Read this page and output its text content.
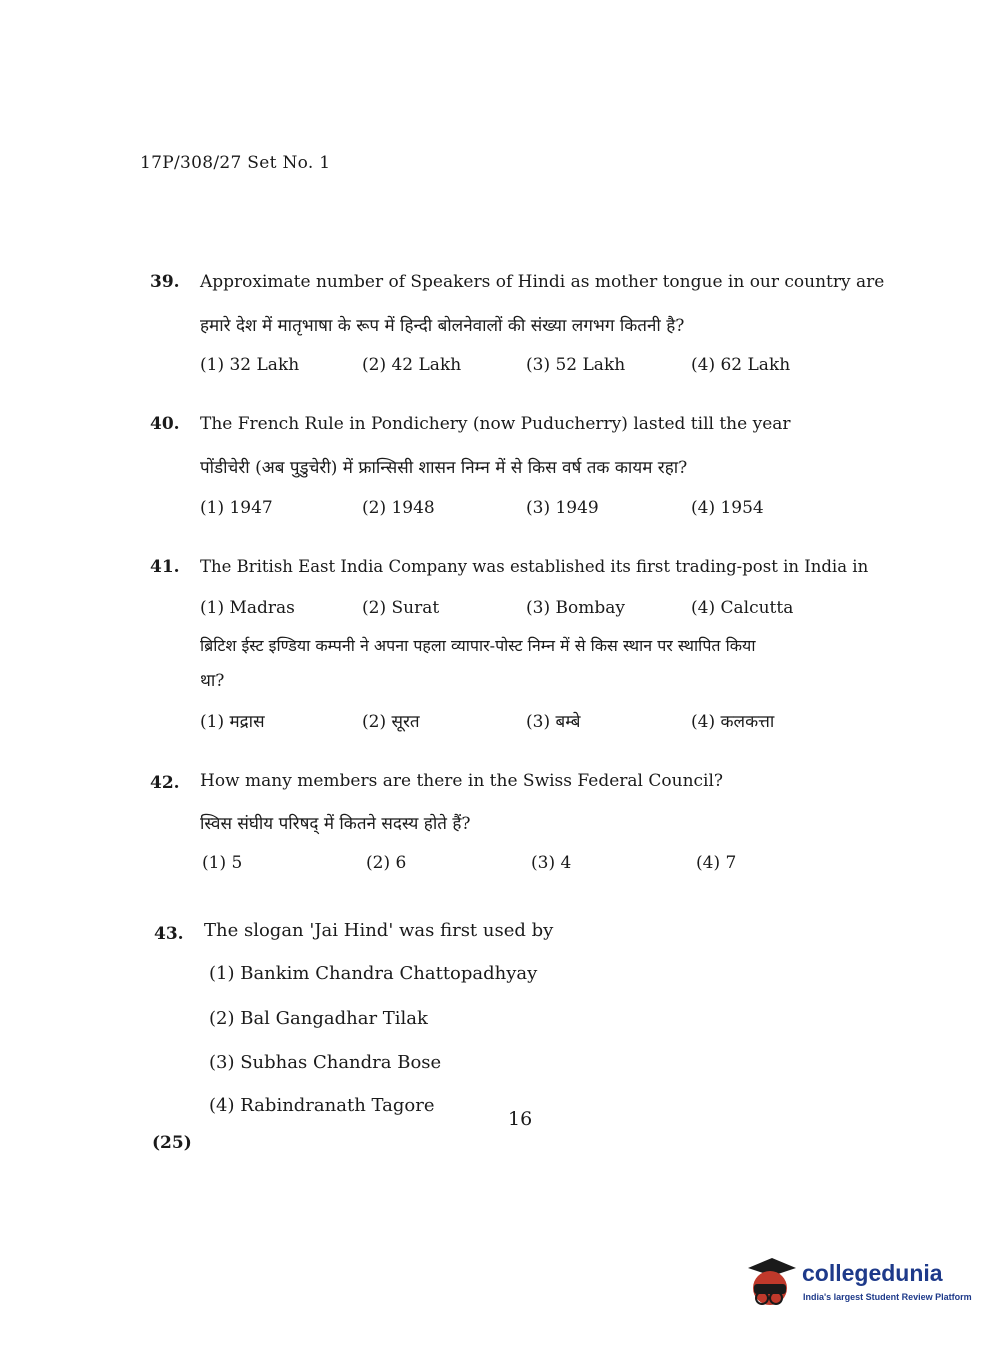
17P/308/27 Set No. 1
39. Approximate number of Speakers of Hindi as mother tongue in our country are
हमारे देश में मातृभाषा के रूप में हिन्दी बोलनेवालों की संख्या लगभग कितनी है?
(1) 32 Lakh	(2) 42 Lakh	(3) 52 Lakh	(4) 62 Lakh
40. The French Rule in Pondichery (now Puducherry) lasted till the year
पोंडीचेरी (अब पुडुचेरी) में फ्रान्सिसी शासन निम्न में से किस वर्ष तक कायम रहा?
(1) 1947	(2) 1948	(3) 1949	(4) 1954
41. The British East India Company was established its first trading-post in India in
(1) Madras	(2) Surat	(3) Bombay	(4) Calcutta
ब्रिटिश ईस्ट इण्डिया कम्पनी ने अपना पहला व्यापार-पोस्ट निम्न में से किस स्थान पर स्थापित किया
था?
(1) मद्रास	(2) सूरत	(3) बम्बे	(4) कलकत्ता
42. How many members are there in the Swiss Federal Council?
स्विस संघीय परिषद् में कितने सदस्य होते हैं?
(1) 5	(2) 6	(3) 4	(4) 7
43. The slogan 'Jai Hind' was first used by
(1) Bankim Chandra Chattopadhyay
(2) Bal Gangadhar Tilak
(3) Subhas Chandra Bose
(4) Rabindranath Tagore
16
(25)
collegedunia
India's largest Student Review Platform
